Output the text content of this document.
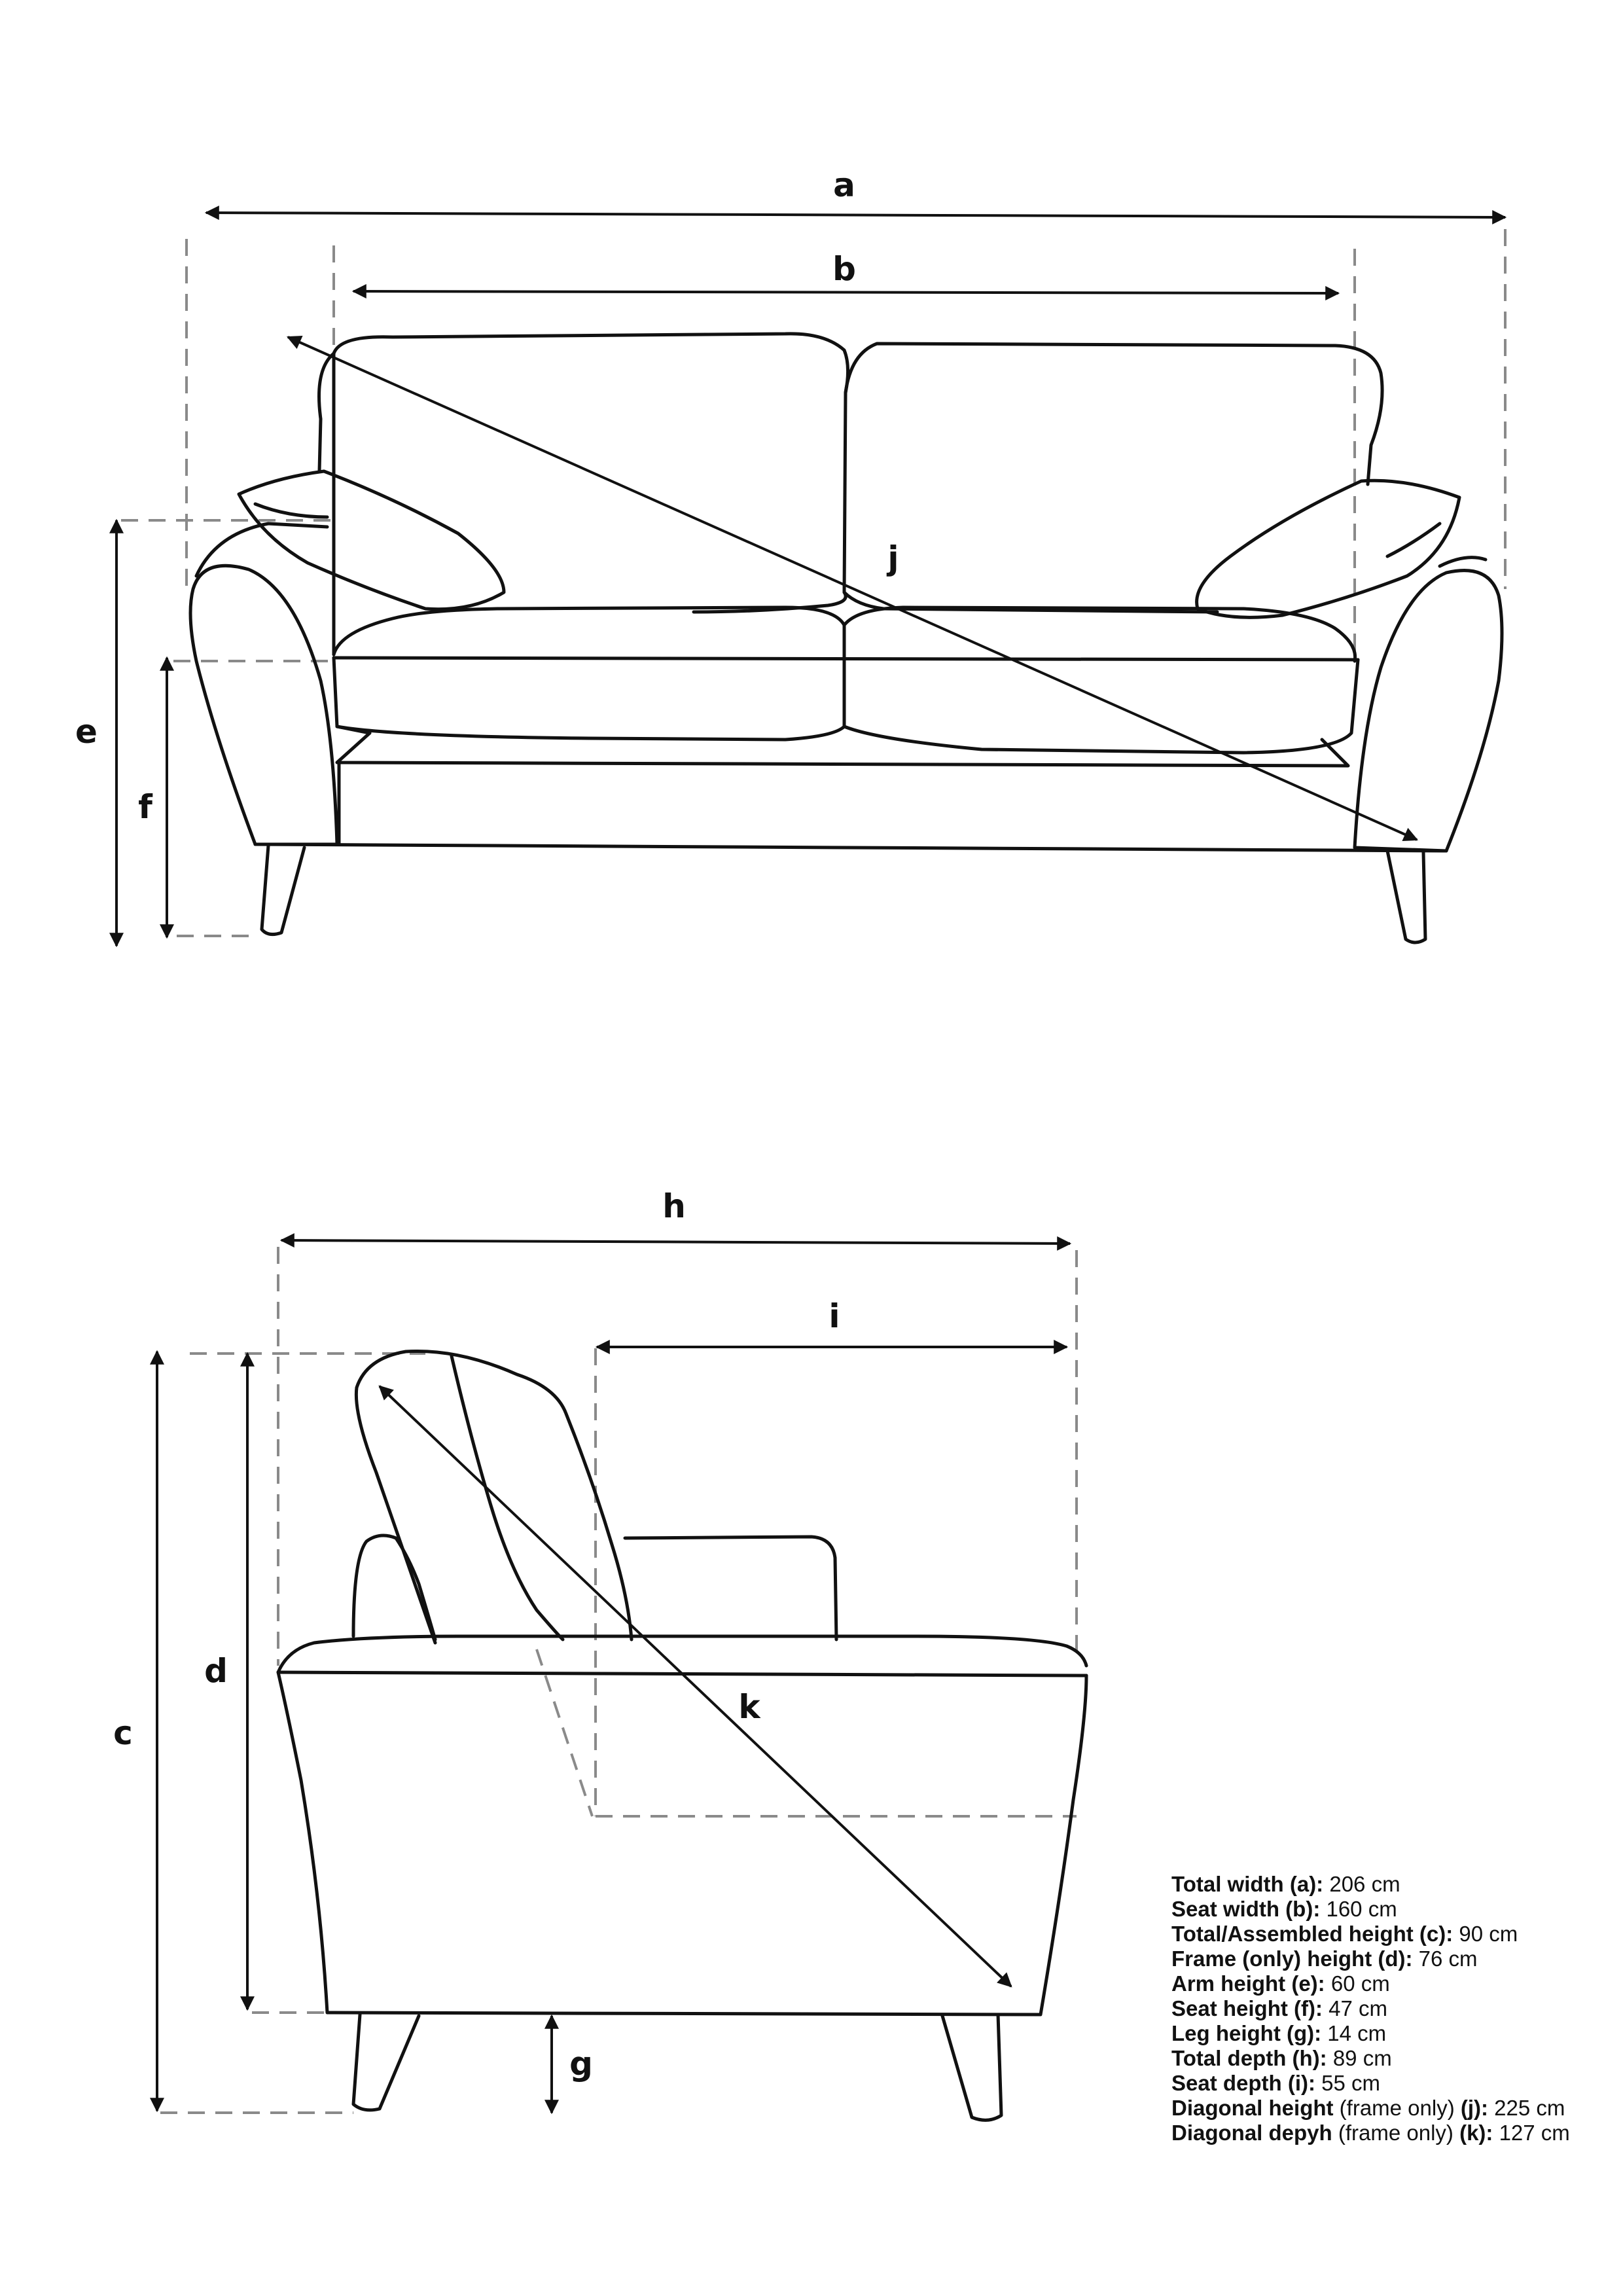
a
b
j
e
f
h
i
k
c
d
g
Total width (a): 206 cm
Seat width (b): 160 cm
Total/Assembled height (c): 90 cm
Frame (only) height (d): 76 cm
Arm height (e): 60 cm
Seat height (f): 47 cm
Leg height (g): 14 cm
Total depth (h): 89 cm
Seat depth (i): 55 cm
Diagonal height (frame only) (j): 225 cm
Diagonal depyh (frame only) (k): 127 cm
